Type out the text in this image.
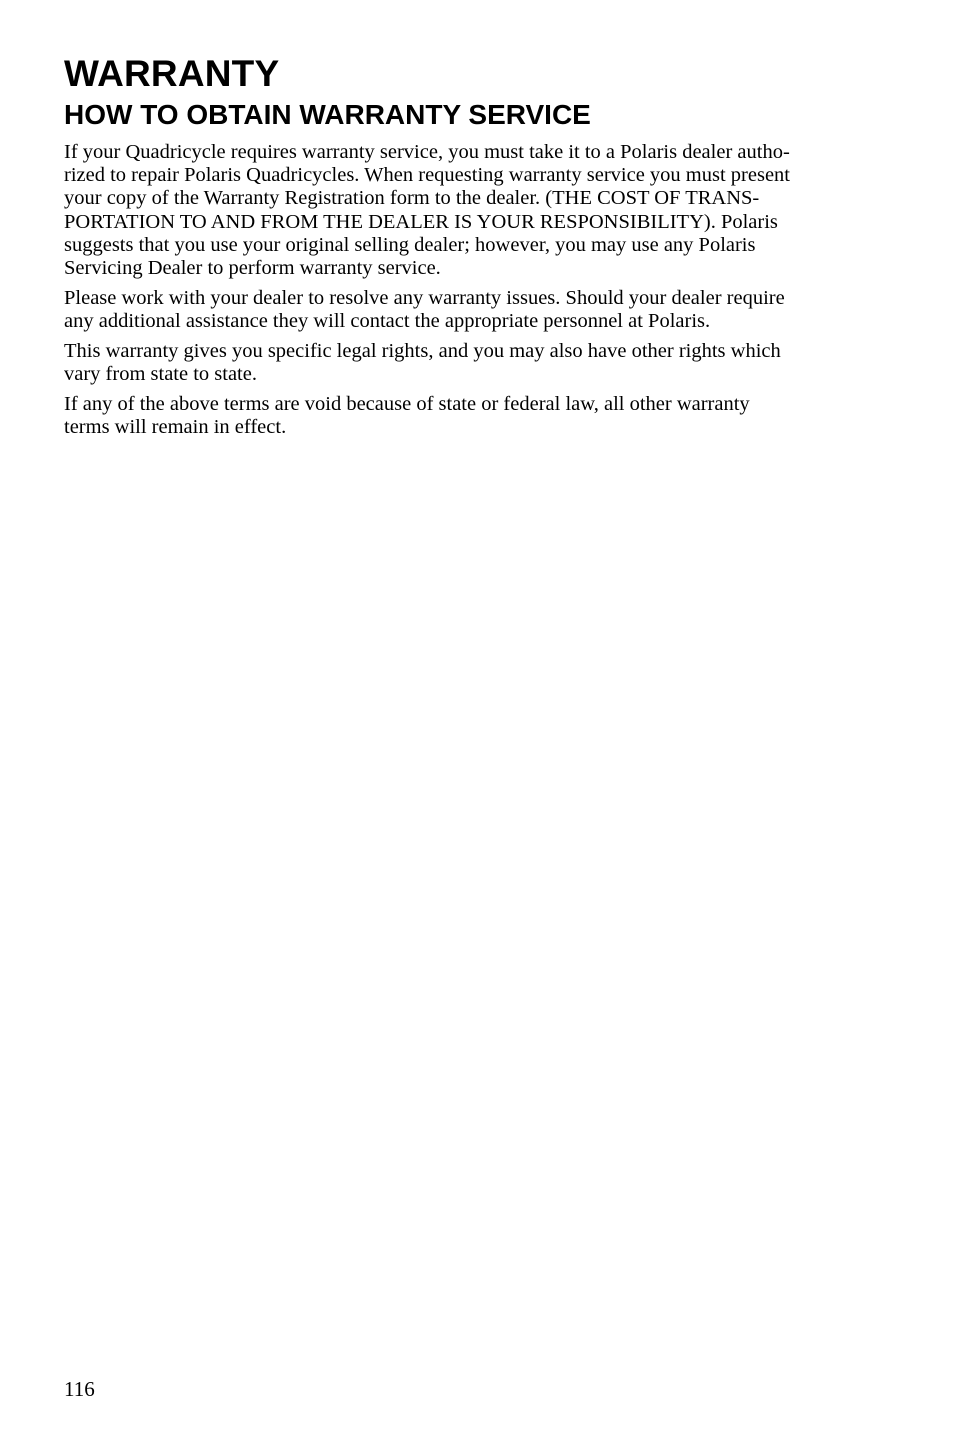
WARRANTY
HOW TO OBTAIN WARRANTY SERVICE

If your Quadricycle requires warranty service, you must take it to a Polaris dealer autho-
rized to repair Polaris Quadricycles. When requesting warranty service you must present
your copy of the Warranty Registration form to the dealer. (THE COST OF TRANS-
PORTATION TO AND FROM THE DEALER IS YOUR RESPONSIBILITY). Polaris
suggests that you use your original selling dealer; however, you may use any Polaris
Servicing Dealer to perform warranty service.

Please work with your dealer to resolve any warranty issues. Should your dealer require
any additional assistance they will contact the appropriate personnel at Polaris.

This warranty gives you specific legal rights, and you may also have other rights which
vary from state to state.

If any of the above terms are void because of state or federal law, all other warranty
terms will remain in effect.

116
